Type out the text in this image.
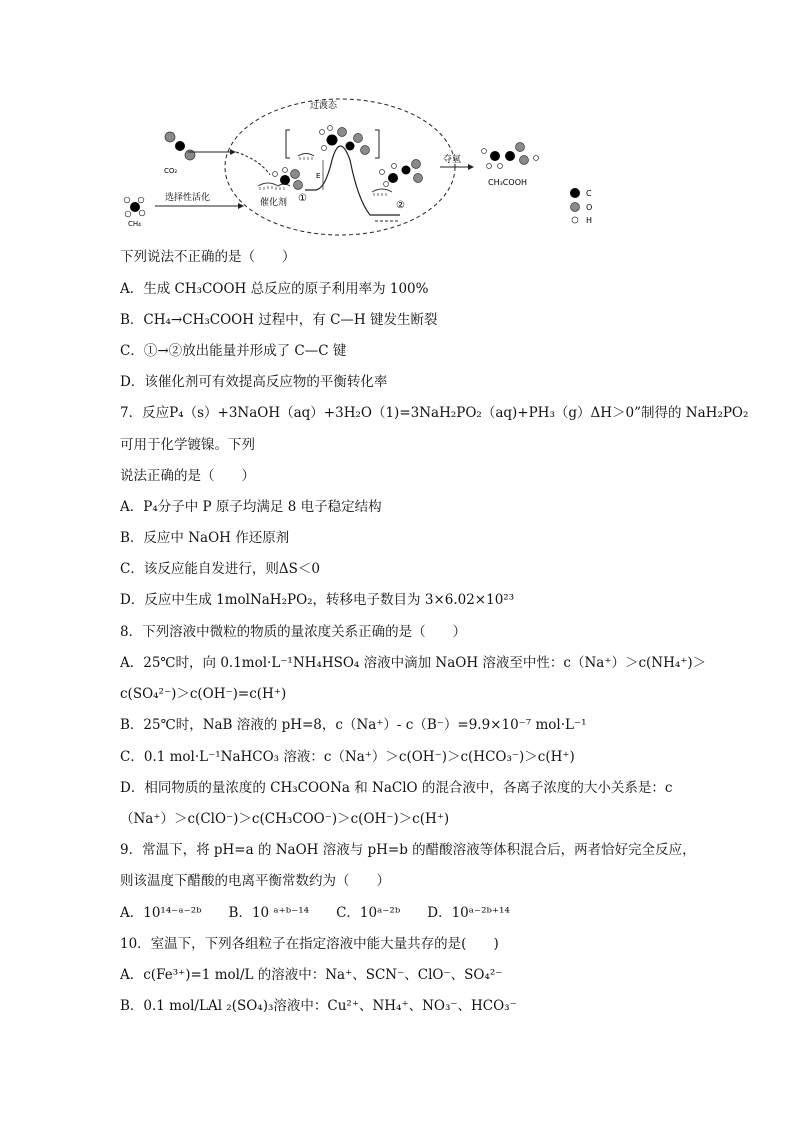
过渡态
CO₂
CH₄
选择性活化	催化剂 ①
E
②
夺氢
CH₃COOH
C
O
H
下列说法不正确的是（　　）
A．生成 CH₃COOH 总反应的原子利用率为 100%
B．CH₄→CH₃COOH 过程中，有 C—H 键发生断裂
C．①→②放出能量并形成了 C—C 键
D．该催化剂可有效提高反应物的平衡转化率
7．反应P₄（s）+3NaOH（aq）+3H₂O（1)=3NaH₂PO₂（aq)+PH₃（g）ΔH＞0”制得的 NaH₂PO₂
可用于化学镀镍。下列
说法正确的是（　　）
A．P₄分子中 P 原子均满足 8 电子稳定结构
B．反应中 NaOH 作还原剂
C．该反应能自发进行，则ΔS＜0
D．反应中生成 1molNaH₂PO₂，转移电子数目为 3×6.02×10²³
8．下列溶液中微粒的物质的量浓度关系正确的是（　　）
A．25℃时，向 0.1mol·L⁻¹NH₄HSO₄ 溶液中滴加 NaOH 溶液至中性：c（Na⁺）＞c(NH₄⁺)＞
c(SO₄²⁻)＞c(OH⁻)=c(H⁺)
B．25℃时，NaB 溶液的 pH=8，c（Na⁺）- c（B⁻）=9.9×10⁻⁷ mol·L⁻¹
C．0.1 mol·L⁻¹NaHCO₃ 溶液：c（Na⁺）＞c(OH⁻)＞c(HCO₃⁻)＞c(H⁺)
D．相同物质的量浓度的 CH₃COONa 和 NaClO 的混合液中，各离子浓度的大小关系是：c
（Na⁺）＞c(ClO⁻)＞c(CH₃COO⁻)＞c(OH⁻)＞c(H⁺)
9．常温下，将 pH=a 的 NaOH 溶液与 pH=b 的醋酸溶液等体积混合后，两者恰好完全反应，
则该温度下醋酸的电离平衡常数约为（　　）
A．10¹⁴⁻ᵃ⁻²ᵇ　　B．10 ᵃ⁺ᵇ⁻¹⁴　　C．10ᵃ⁻²ᵇ　　D．10ᵃ⁻²ᵇ⁺¹⁴
10．室温下，下列各组粒子在指定溶液中能大量共存的是(　　)
A．c(Fe³⁺)=1 mol/L 的溶液中：Na⁺、SCN⁻、ClO⁻、SO₄²⁻
B．0.1 mol/LAl ₂(SO₄)₃溶液中：Cu²⁺、NH₄⁺、NO₃⁻、HCO₃⁻
